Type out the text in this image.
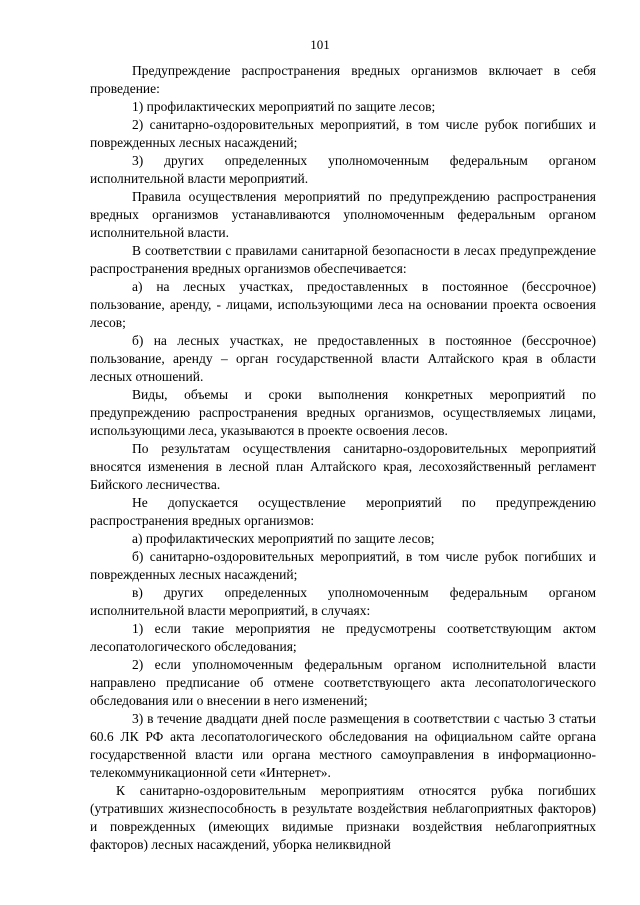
101

Предупреждение распространения вредных организмов включает в себя проведение:

1) профилактических мероприятий по защите лесов;

2) санитарно-оздоровительных мероприятий, в том числе рубок погибших и поврежденных лесных насаждений;

3) других определенных уполномоченным федеральным органом исполнительной власти мероприятий.

Правила осуществления мероприятий по предупреждению распространения вредных организмов устанавливаются уполномоченным федеральным органом исполнительной власти.

В соответствии с правилами санитарной безопасности в лесах предупреждение распространения вредных организмов обеспечивается:

а) на лесных участках, предоставленных в постоянное (бессрочное) пользование, аренду, - лицами, использующими леса на основании проекта освоения лесов;

б) на лесных участках, не предоставленных в постоянное (бессрочное) пользование, аренду – орган государственной власти Алтайского края в области лесных отношений.

Виды, объемы и сроки выполнения конкретных мероприятий по предупреждению распространения вредных организмов, осуществляемых лицами, использующими леса, указываются в проекте освоения лесов.

По результатам осуществления санитарно-оздоровительных мероприятий вносятся изменения в лесной план Алтайского края, лесохозяйственный регламент Бийского лесничества.

Не допускается осуществление мероприятий по предупреждению распространения вредных организмов:

а) профилактических мероприятий по защите лесов;

б) санитарно-оздоровительных мероприятий, в том числе рубок погибших и поврежденных лесных насаждений;

в) других определенных уполномоченным федеральным органом исполнительной власти мероприятий, в случаях:

1) если такие мероприятия не предусмотрены соответствующим актом лесопатологического обследования;

2) если уполномоченным федеральным органом исполнительной власти направлено предписание об отмене соответствующего акта лесопатологического обследования или о внесении в него изменений;

3) в течение двадцати дней после размещения в соответствии с частью 3 статьи 60.6 ЛК РФ акта лесопатологического обследования на официальном сайте органа государственной власти или органа местного самоуправления в информационно-телекоммуникационной сети «Интернет».

К санитарно-оздоровительным мероприятиям относятся рубка погибших (утративших жизнеспособность в результате воздействия неблагоприятных факторов) и поврежденных (имеющих видимые признаки воздействия неблагоприятных факторов) лесных насаждений, уборка неликвидной
